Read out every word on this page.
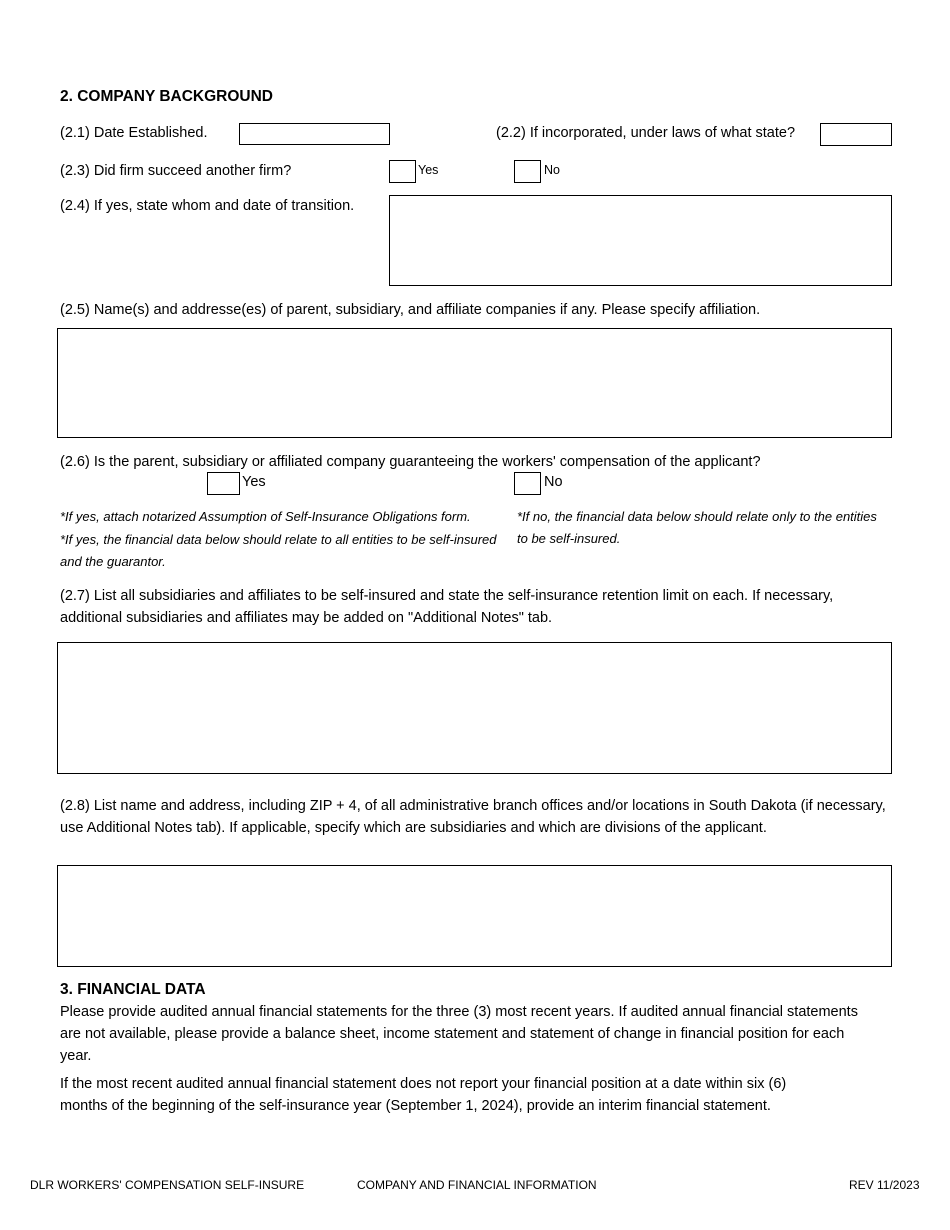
2. COMPANY BACKGROUND
(2.1) Date Established.	(2.2) If incorporated, under laws of what state?
(2.3) Did firm succeed another firm?	Yes	No
(2.4) If yes, state whom and date of transition.
(2.5) Name(s) and addresse(es) of parent, subsidiary, and affiliate companies if any. Please specify affiliation.
(2.6) Is the parent, subsidiary or affiliated company guaranteeing the workers' compensation of the applicant?
Yes	No
*If yes, attach notarized Assumption of Self-Insurance Obligations form.
*If yes, the financial data below should relate to all entities to be self-insured and the guarantor.
*If no, the financial data below should relate only to the entities to be self-insured.
(2.7) List all subsidiaries and affiliates to be self-insured and state the self-insurance retention limit on each. If necessary, additional subsidiaries and affiliates may be added on "Additional Notes" tab.
(2.8) List name and address, including ZIP + 4, of all administrative branch offices and/or locations in South Dakota (if necessary, use Additional Notes tab). If applicable, specify which are subsidiaries and which are divisions of the applicant.
3. FINANCIAL DATA
Please provide audited annual financial statements for the three (3) most recent years. If audited annual financial statements are not available, please provide a balance sheet, income statement and statement of change in financial position for each year.
If the most recent audited annual financial statement does not report your financial position at a date within six (6) months of the beginning of the self-insurance year (September 1, 2024), provide an interim financial statement.
DLR WORKERS' COMPENSATION SELF-INSURE	COMPANY AND FINANCIAL INFORMATION	REV 11/2023
